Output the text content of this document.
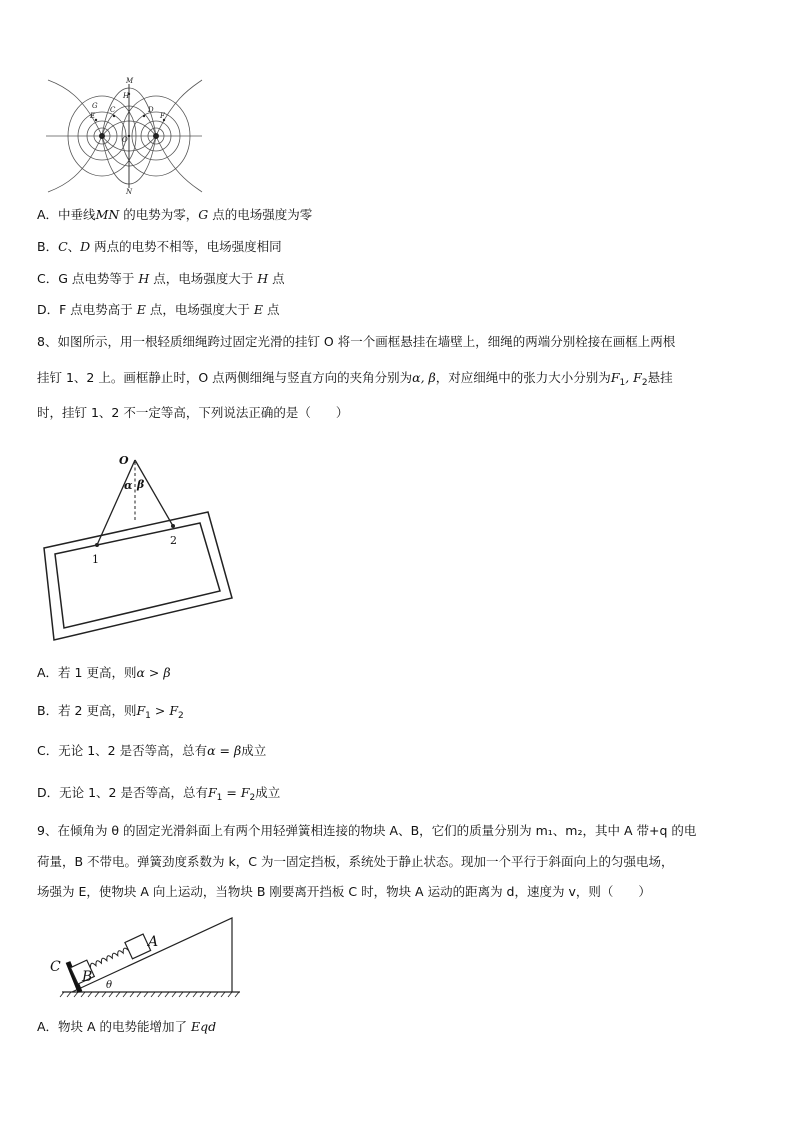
M
N
H
G
E
C	D
F
O
A．中垂线MN 的电势为零，G 点的电场强度为零
B．C、D 两点的电势不相等，电场强度相同
C．G 点电势等于 H 点，电场强度大于 H 点
D．F 点电势高于 E 点，电场强度大于 E 点
8、如图所示，用一根轻质细绳跨过固定光滑的挂钉 O 将一个画框悬挂在墙壁上，细绳的两端分别栓接在画框上两根
挂钉 1、2 上。画框静止时，O 点两侧细绳与竖直方向的夹角分别为α, β，对应细绳中的张力大小分别为$F_1$, $F_2$悬挂
时，挂钉 1、2 不一定等高，下列说法正确的是（　　）
O
α β
1
2
A．若 1 更高，则α > β
B．若 2 更高，则$F_1 > F_2$
C．无论 1、2 是否等高，总有α = β成立
D．无论 1、2 是否等高，总有$F_1 = F_2$成立
9、在倾角为 θ 的固定光滑斜面上有两个用轻弹簧相连接的物块 A、B，它们的质量分别为 m₁、m₂，其中 A 带+q 的电
荷量，B 不带电。弹簧劲度系数为 k，C 为一固定挡板，系统处于静止状态。现加一个平行于斜面向上的匀强电场，
场强为 E，使物块 A 向上运动，当物块 B 刚要离开挡板 C 时，物块 A 运动的距离为 d，速度为 v，则（　　）
C
B
A
θ
A．物块 A 的电势能增加了 Eqd
